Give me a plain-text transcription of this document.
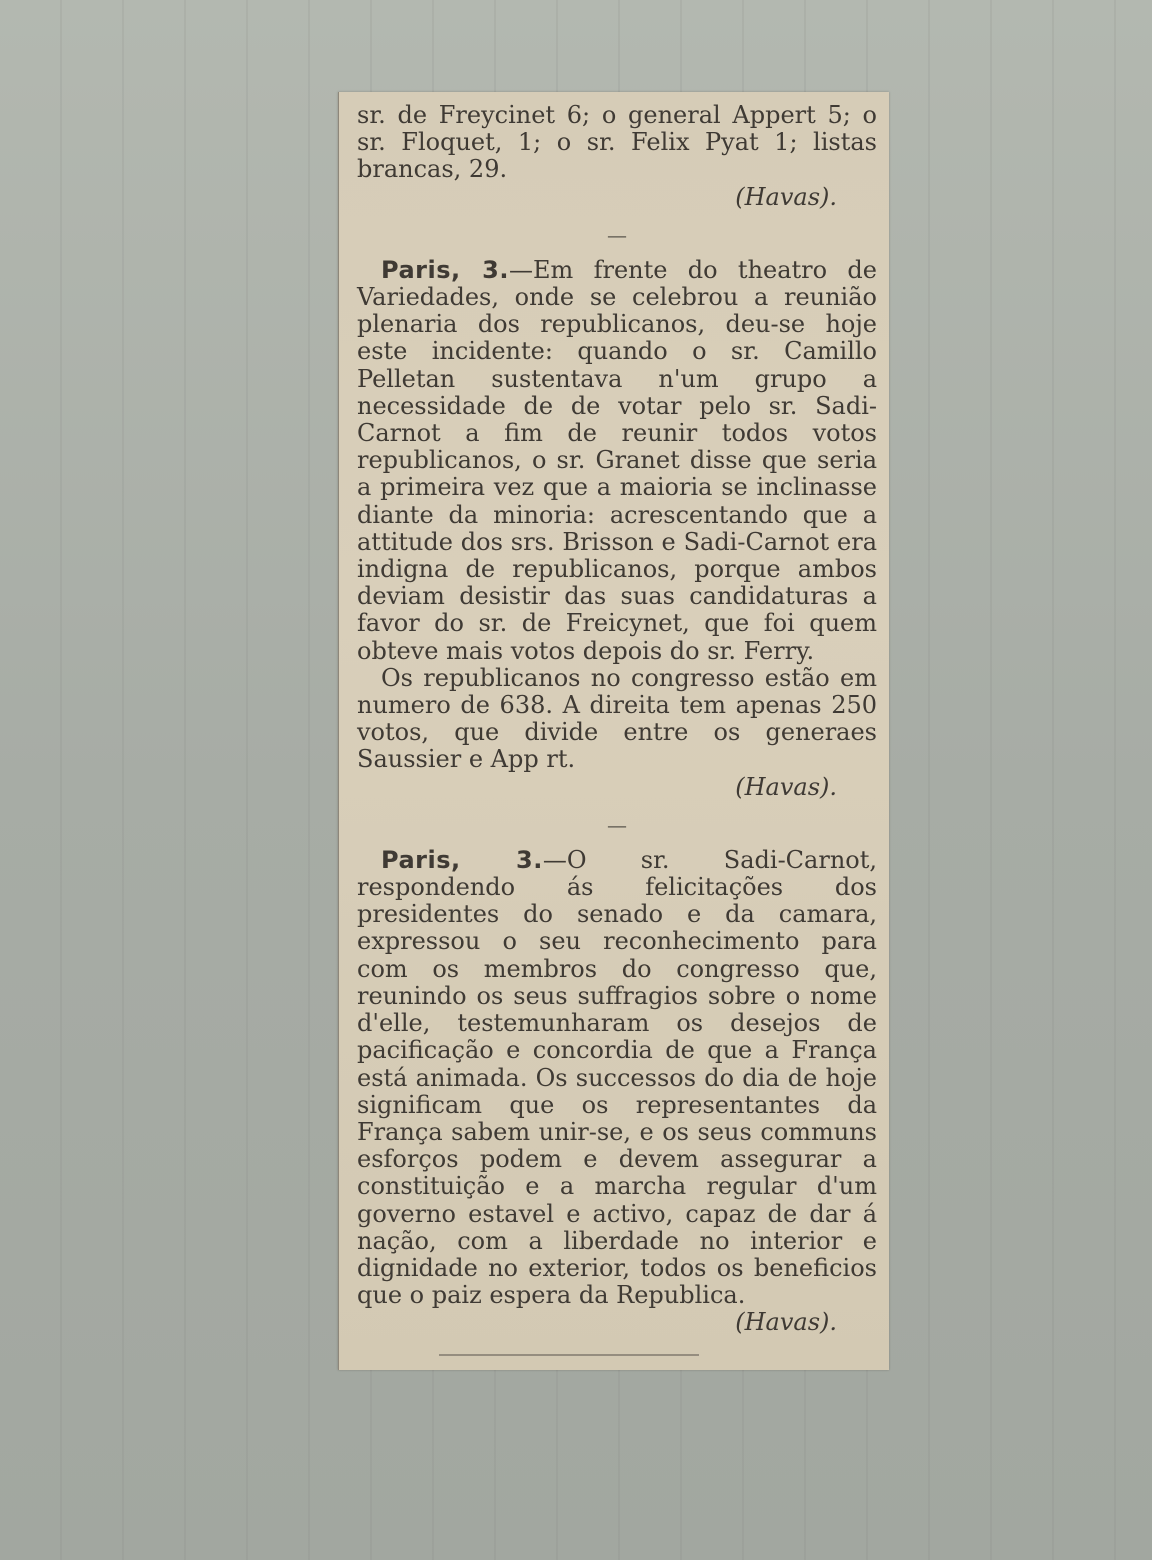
sr. de Freycinet 6; o general Appert 5; o sr. Floquet, 1; o sr. Felix Pyat 1; listas brancas, 29.
(Havas).

—

Paris, 3.—Em frente do theatro de Variedades, onde se celebrou a reunião plenaria dos republicanos, deu-se hoje este incidente: quando o sr. Camillo Pelletan sustentava n'um grupo a necessidade de de votar pelo sr. Sadi-Carnot a fim de reunir todos votos republicanos, o sr. Granet disse que seria a primeira vez que a maioria se inclinasse diante da minoria: acrescentando que a attitude dos srs. Brisson e Sadi-Carnot era indigna de republicanos, porque ambos deviam desistir das suas candidaturas a favor do sr. de Freicynet, que foi quem obteve mais votos depois do sr. Ferry.

Os republicanos no congresso estão em numero de 638. A direita tem apenas 250 votos, que divide entre os generaes Saussier e App rt.
(Havas).

—

Paris, 3.—O sr. Sadi-Carnot, respondendo ás felicitações dos presidentes do senado e da camara, expressou o seu reconhecimento para com os membros do congresso que, reunindo os seus suffragios sobre o nome d'elle, testemunharam os desejos de pacificação e concordia de que a França está animada. Os successos do dia de hoje significam que os representantes da França sabem unir-se, e os seus communs esforços podem e devem assegurar a constituição e a marcha regular d'um governo estavel e activo, capaz de dar á nação, com a liberdade no interior e dignidade no exterior, todos os beneficios que o paiz espera da Republica.
(Havas).
